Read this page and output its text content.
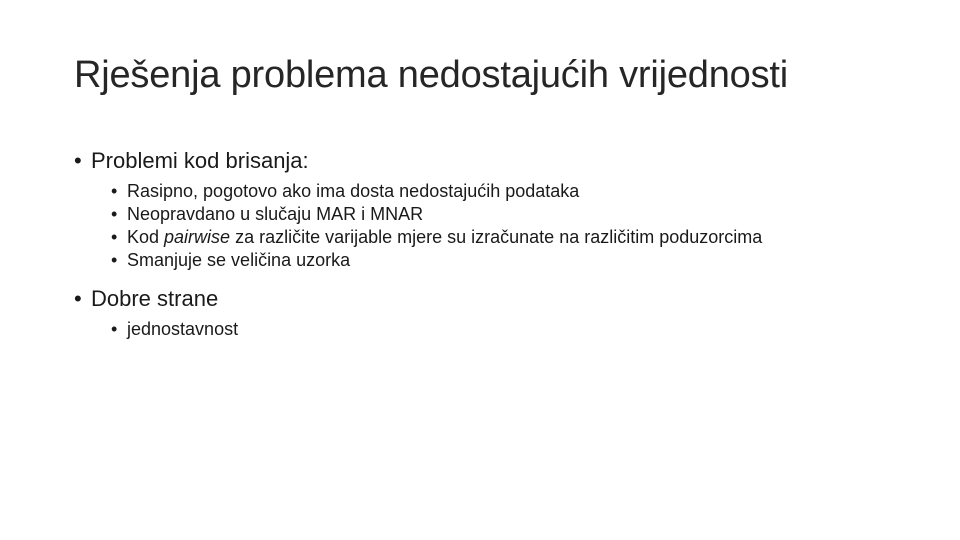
Rješenja problema nedostajućih vrijednosti
• Problemi kod brisanja:
• Rasipno, pogotovo ako ima dosta nedostajućih podataka
• Neopravdano u slučaju MAR i MNAR
• Kod pairwise za različite varijable mjere su izračunate na različitim poduzorcima
• Smanjuje se veličina uzorka
• Dobre strane
• jednostavnost
